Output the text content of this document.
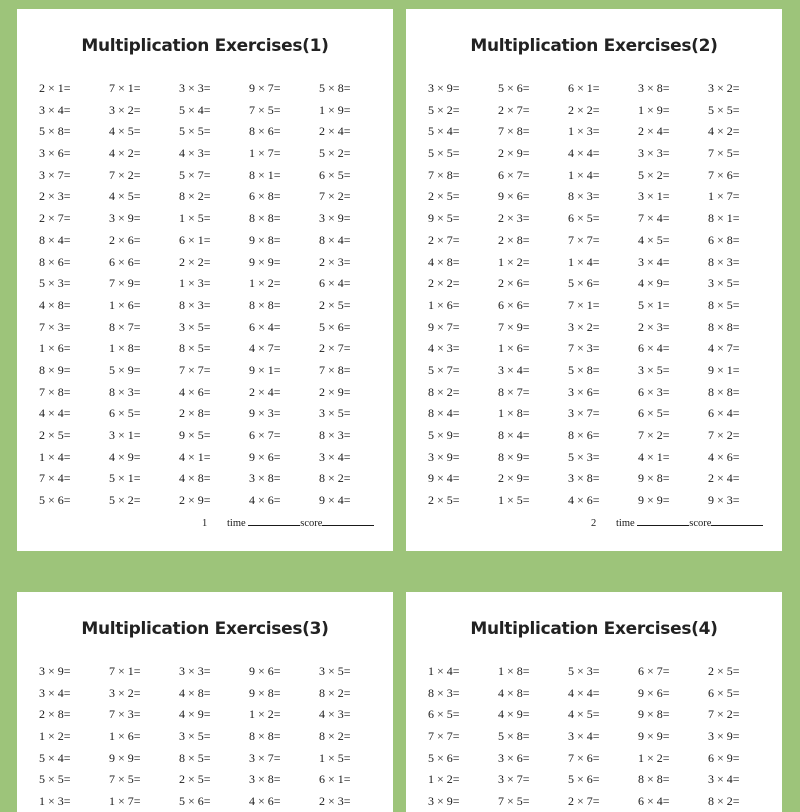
Multiplication Exercises(1)
2 × 1=	7 × 1=	3 × 3=	9 × 7=	5 × 8=
3 × 4=	3 × 2=	5 × 4=	7 × 5=	1 × 9=
5 × 8=	4 × 5=	5 × 5=	8 × 6=	2 × 4=
3 × 6=	4 × 2=	4 × 3=	1 × 7=	5 × 2=
3 × 7=	7 × 2=	5 × 7=	8 × 1=	6 × 5=
2 × 3=	4 × 5=	8 × 2=	6 × 8=	7 × 2=
2 × 7=	3 × 9=	1 × 5=	8 × 8=	3 × 9=
8 × 4=	2 × 6=	6 × 1=	9 × 8=	8 × 4=
8 × 6=	6 × 6=	2 × 2=	9 × 9=	2 × 3=
5 × 3=	7 × 9=	1 × 3=	1 × 2=	6 × 4=
4 × 8=	1 × 6=	8 × 3=	8 × 8=	2 × 5=
7 × 3=	8 × 7=	3 × 5=	6 × 4=	5 × 6=
1 × 6=	1 × 8=	8 × 5=	4 × 7=	2 × 7=
8 × 9=	5 × 9=	7 × 7=	9 × 1=	7 × 8=
7 × 8=	8 × 3=	4 × 6=	2 × 4=	2 × 9=
4 × 4=	6 × 5=	2 × 8=	9 × 3=	3 × 5=
2 × 5=	3 × 1=	9 × 5=	6 × 7=	8 × 3=
1 × 4=	4 × 9=	4 × 1=	9 × 6=	3 × 4=
7 × 4=	5 × 1=	4 × 8=	3 × 8=	8 × 2=
5 × 6=	5 × 2=	2 × 9=	4 × 6=	9 × 4=
1 time	score
Multiplication Exercises(2)
3 × 9=	5 × 6=	6 × 1=	3 × 8=	3 × 2=
5 × 2=	2 × 7=	2 × 2=	1 × 9=	5 × 5=
5 × 4=	7 × 8=	1 × 3=	2 × 4=	4 × 2=
5 × 5=	2 × 9=	4 × 4=	3 × 3=	7 × 5=
7 × 8=	6 × 7=	1 × 4=	5 × 2=	7 × 6=
2 × 5=	9 × 6=	8 × 3=	3 × 1=	1 × 7=
9 × 5=	2 × 3=	6 × 5=	7 × 4=	8 × 1=
2 × 7=	2 × 8=	7 × 7=	4 × 5=	6 × 8=
4 × 8=	1 × 2=	1 × 4=	3 × 4=	8 × 3=
2 × 2=	2 × 6=	5 × 6=	4 × 9=	3 × 5=
1 × 6=	6 × 6=	7 × 1=	5 × 1=	8 × 5=
9 × 7=	7 × 9=	3 × 2=	2 × 3=	8 × 8=
4 × 3=	1 × 6=	7 × 3=	6 × 4=	4 × 7=
5 × 7=	3 × 4=	5 × 8=	3 × 5=	9 × 1=
8 × 2=	8 × 7=	3 × 6=	6 × 3=	8 × 8=
8 × 4=	1 × 8=	3 × 7=	6 × 5=	6 × 4=
5 × 9=	8 × 4=	8 × 6=	7 × 2=	7 × 2=
3 × 9=	8 × 9=	5 × 3=	4 × 1=	4 × 6=
9 × 4=	2 × 9=	3 × 8=	9 × 8=	2 × 4=
2 × 5=	1 × 5=	4 × 6=	9 × 9=	9 × 3=
2 time	score
Multiplication Exercises(3)
3 × 9=	7 × 1=	3 × 3=	9 × 6=	3 × 5=
3 × 4=	3 × 2=	4 × 8=	9 × 8=	8 × 2=
2 × 8=	7 × 3=	4 × 9=	1 × 2=	4 × 3=
1 × 2=	1 × 6=	3 × 5=	8 × 8=	8 × 2=
5 × 4=	9 × 9=	8 × 5=	3 × 7=	1 × 5=
5 × 5=	7 × 5=	2 × 5=	3 × 8=	6 × 1=
1 × 3=	1 × 7=	5 × 6=	4 × 6=	2 × 3=
Multiplication Exercises(4)
1 × 4=	1 × 8=	5 × 3=	6 × 7=	2 × 5=
8 × 3=	4 × 8=	4 × 4=	9 × 6=	6 × 5=
6 × 5=	4 × 9=	4 × 5=	9 × 8=	7 × 2=
7 × 7=	5 × 8=	3 × 4=	9 × 9=	3 × 9=
5 × 6=	3 × 6=	7 × 6=	1 × 2=	6 × 9=
1 × 2=	3 × 7=	5 × 6=	8 × 8=	3 × 4=
3 × 9=	7 × 5=	2 × 7=	6 × 4=	8 × 2=
